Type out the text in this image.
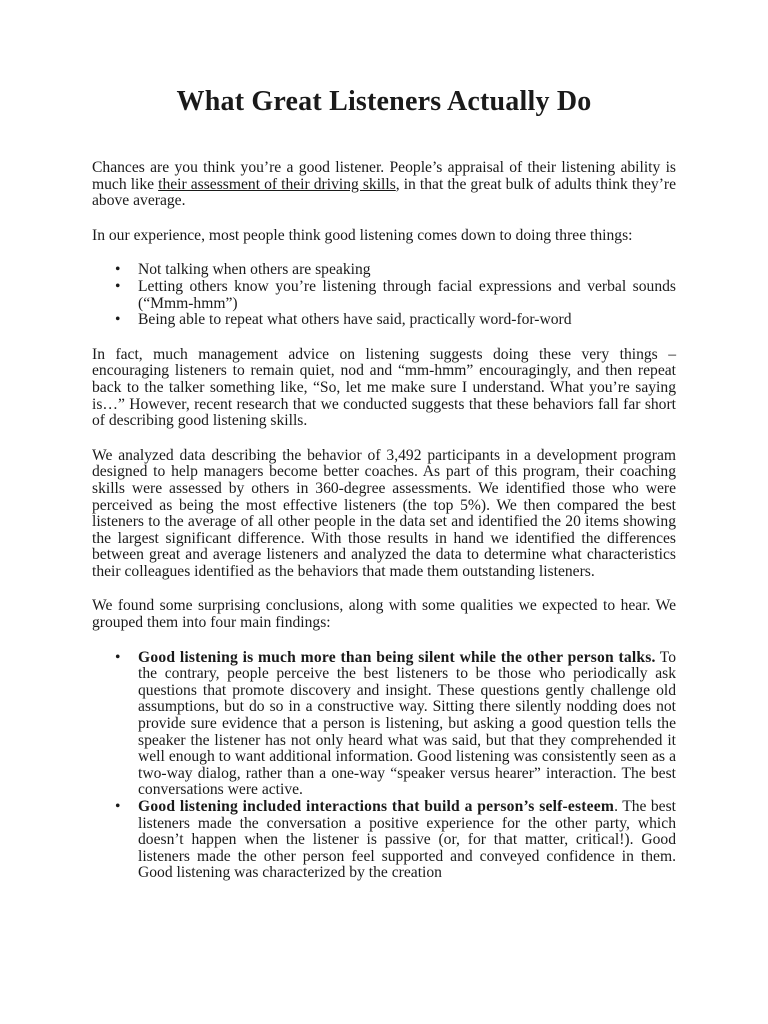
What Great Listeners Actually Do

Chances are you think you’re a good listener. People’s appraisal of their listening ability is much like their assessment of their driving skills, in that the great bulk of adults think they’re above average.

In our experience, most people think good listening comes down to doing three things:

• Not talking when others are speaking
• Letting others know you’re listening through facial expressions and verbal sounds (“Mmm-hmm”)
• Being able to repeat what others have said, practically word-for-word

In fact, much management advice on listening suggests doing these very things – encouraging listeners to remain quiet, nod and “mm-hmm” encouragingly, and then repeat back to the talker something like, “So, let me make sure I understand. What you’re saying is…” However, recent research that we conducted suggests that these behaviors fall far short of describing good listening skills.

We analyzed data describing the behavior of 3,492 participants in a development program designed to help managers become better coaches. As part of this program, their coaching skills were assessed by others in 360-degree assessments. We identified those who were perceived as being the most effective listeners (the top 5%). We then compared the best listeners to the average of all other people in the data set and identified the 20 items showing the largest significant difference. With those results in hand we identified the differences between great and average listeners and analyzed the data to determine what characteristics their colleagues identified as the behaviors that made them outstanding listeners.

We found some surprising conclusions, along with some qualities we expected to hear. We grouped them into four main findings:

• Good listening is much more than being silent while the other person talks. To the contrary, people perceive the best listeners to be those who periodically ask questions that promote discovery and insight. These questions gently challenge old assumptions, but do so in a constructive way. Sitting there silently nodding does not provide sure evidence that a person is listening, but asking a good question tells the speaker the listener has not only heard what was said, but that they comprehended it well enough to want additional information. Good listening was consistently seen as a two-way dialog, rather than a one-way “speaker versus hearer” interaction. The best conversations were active.
• Good listening included interactions that build a person’s self-esteem. The best listeners made the conversation a positive experience for the other party, which doesn’t happen when the listener is passive (or, for that matter, critical!). Good listeners made the other person feel supported and conveyed confidence in them. Good listening was characterized by the creation
